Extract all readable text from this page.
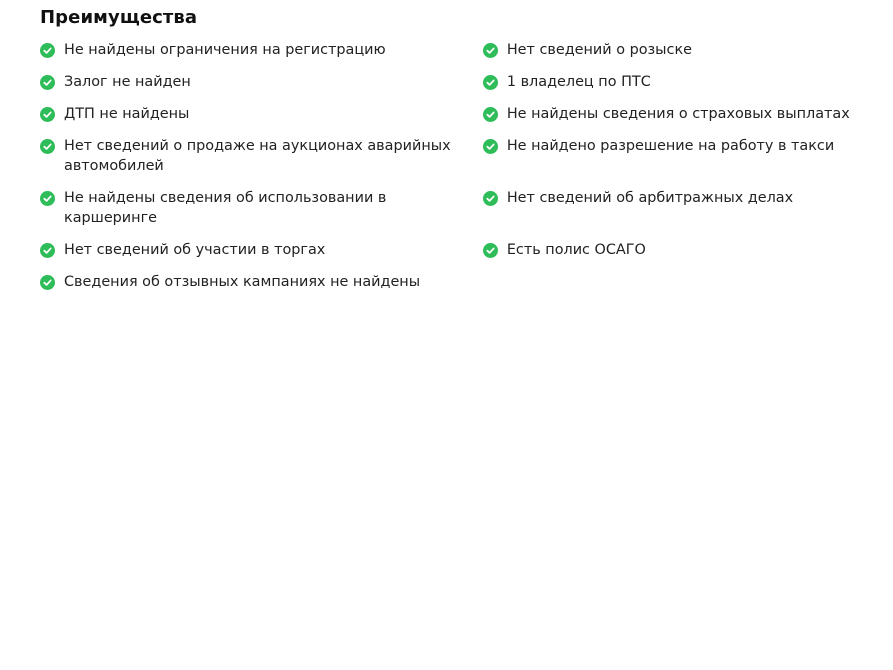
Преимущества
Не найдены ограничения на регистрацию	Нет сведений о розыске
Залог не найден	1 владелец по ПТС
ДТП не найдены	Не найдены сведения о страховых выплатах
Нет сведений о продаже на аукционах аварийных автомобилей
Не найдено разрешение на работу в такси
Не найдены сведения об использовании в каршеринге
Нет сведений об арбитражных делах
Нет сведений об участии в торгах	Есть полис ОСАГО
Сведения об отзывных кампаниях не найдены
